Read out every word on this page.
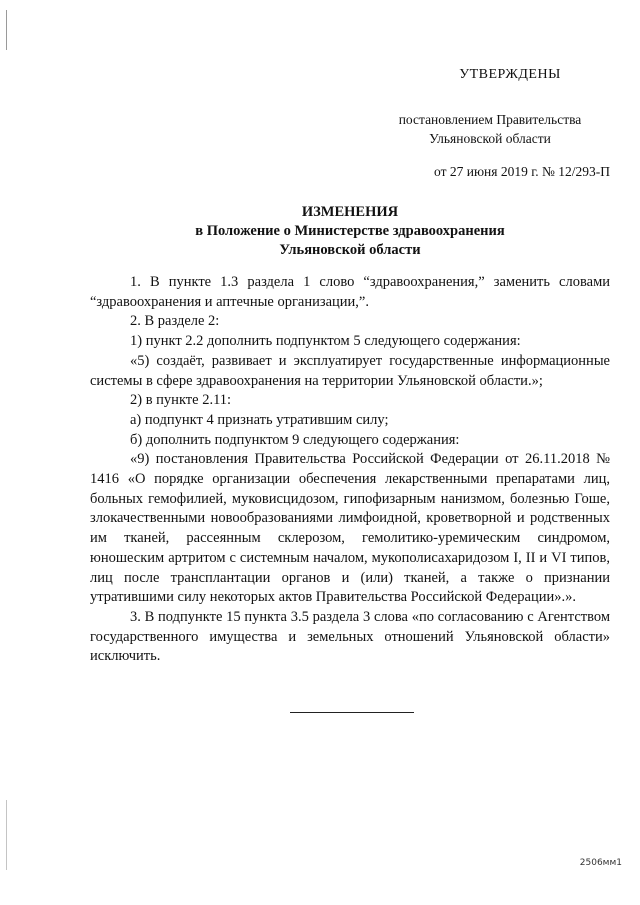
УТВЕРЖДЕНЫ
постановлением Правительства
Ульяновской области
от 27 июня 2019 г. № 12/293-П
ИЗМЕНЕНИЯ
в Положение о Министерстве здравоохранения
Ульяновской области

1. В пункте 1.3 раздела 1 слово “здравоохранения,” заменить словами “здравоохранения и аптечные организации,”.

2. В разделе 2:

1) пункт 2.2 дополнить подпунктом 5 следующего содержания:

«5) создаёт, развивает и эксплуатирует государственные информационные системы в сфере здравоохранения на территории Ульяновской области.»;

2) в пункте 2.11:

а) подпункт 4 признать утратившим силу;

б) дополнить подпунктом 9 следующего содержания:

«9) постановления Правительства Российской Федерации от 26.11.2018 № 1416 «О порядке организации обеспечения лекарственными препаратами лиц, больных гемофилией, муковисцидозом, гипофизарным нанизмом, болезнью Гоше, злокачественными новообразованиями лимфоидной, кроветворной и родственных им тканей, рассеянным склерозом, гемолитико-уремическим синдромом, юношеским артритом с системным началом, мукополисахаридозом I, II и VI типов, лиц после трансплантации органов и (или) тканей, а также о признании утратившими силу некоторых актов Правительства Российской Федерации».».

3. В подпункте 15 пункта 3.5 раздела 3 слова «по согласованию с Агентством государственного имущества и земельных отношений Ульяновской области» исключить.

2506мм1
